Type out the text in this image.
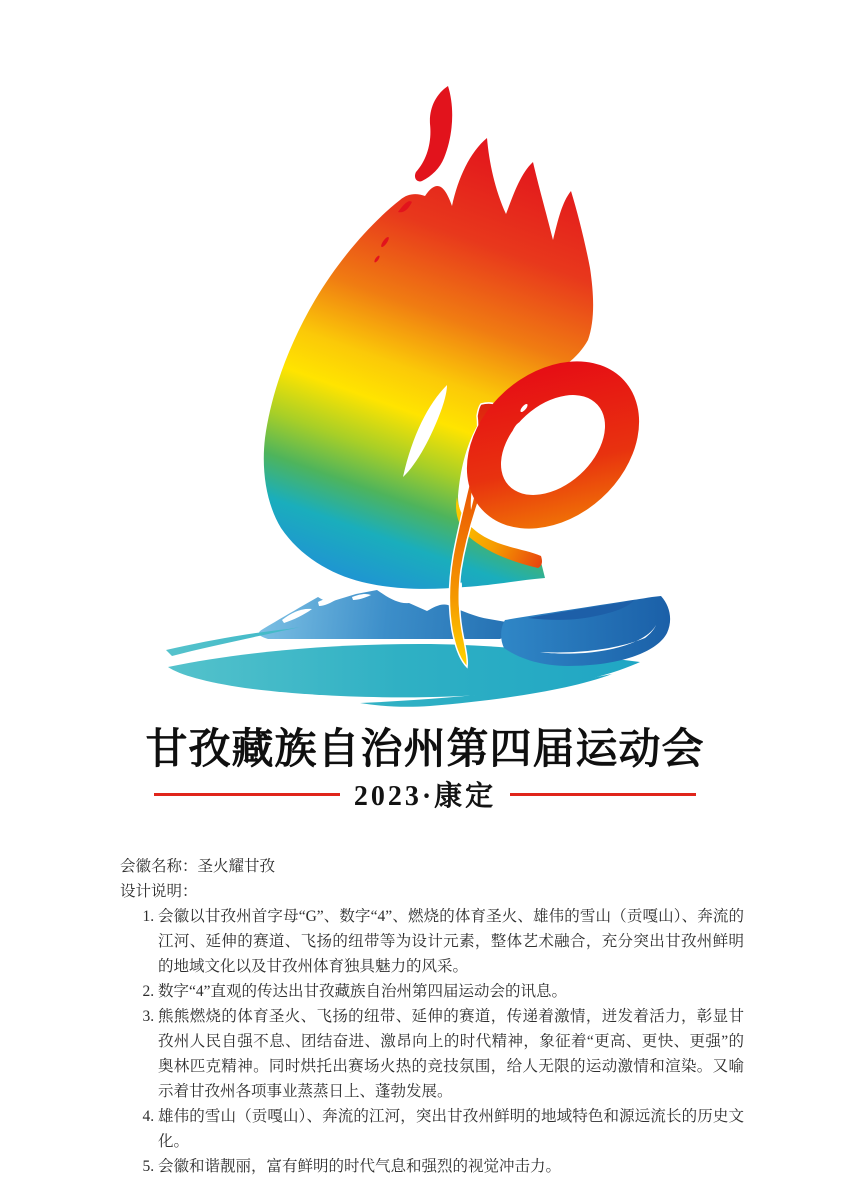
甘孜藏族自治州第四届运动会
2023·康定
会徽名称：圣火耀甘孜
设计说明：
1. 会徽以甘孜州首字母“G”、数字“4”、燃烧的体育圣火、雄伟的雪山（贡嘎山）、奔流的江河、延伸的赛道、飞扬的纽带等为设计元素，整体艺术融合，充分突出甘孜州鲜明的地域文化以及甘孜州体育独具魅力的风采。
2. 数字“4”直观的传达出甘孜藏族自治州第四届运动会的讯息。
3. 熊熊燃烧的体育圣火、飞扬的纽带、延伸的赛道，传递着激情，迸发着活力，彰显甘孜州人民自强不息、团结奋进、激昂向上的时代精神，象征着“更高、更快、更强”的奥林匹克精神。同时烘托出赛场火热的竞技氛围，给人无限的运动激情和渲染。又喻示着甘孜州各项事业蒸蒸日上、蓬勃发展。
4. 雄伟的雪山（贡嘎山）、奔流的江河，突出甘孜州鲜明的地域特色和源远流长的历史文化。
5. 会徽和谐靓丽，富有鲜明的时代气息和强烈的视觉冲击力。
